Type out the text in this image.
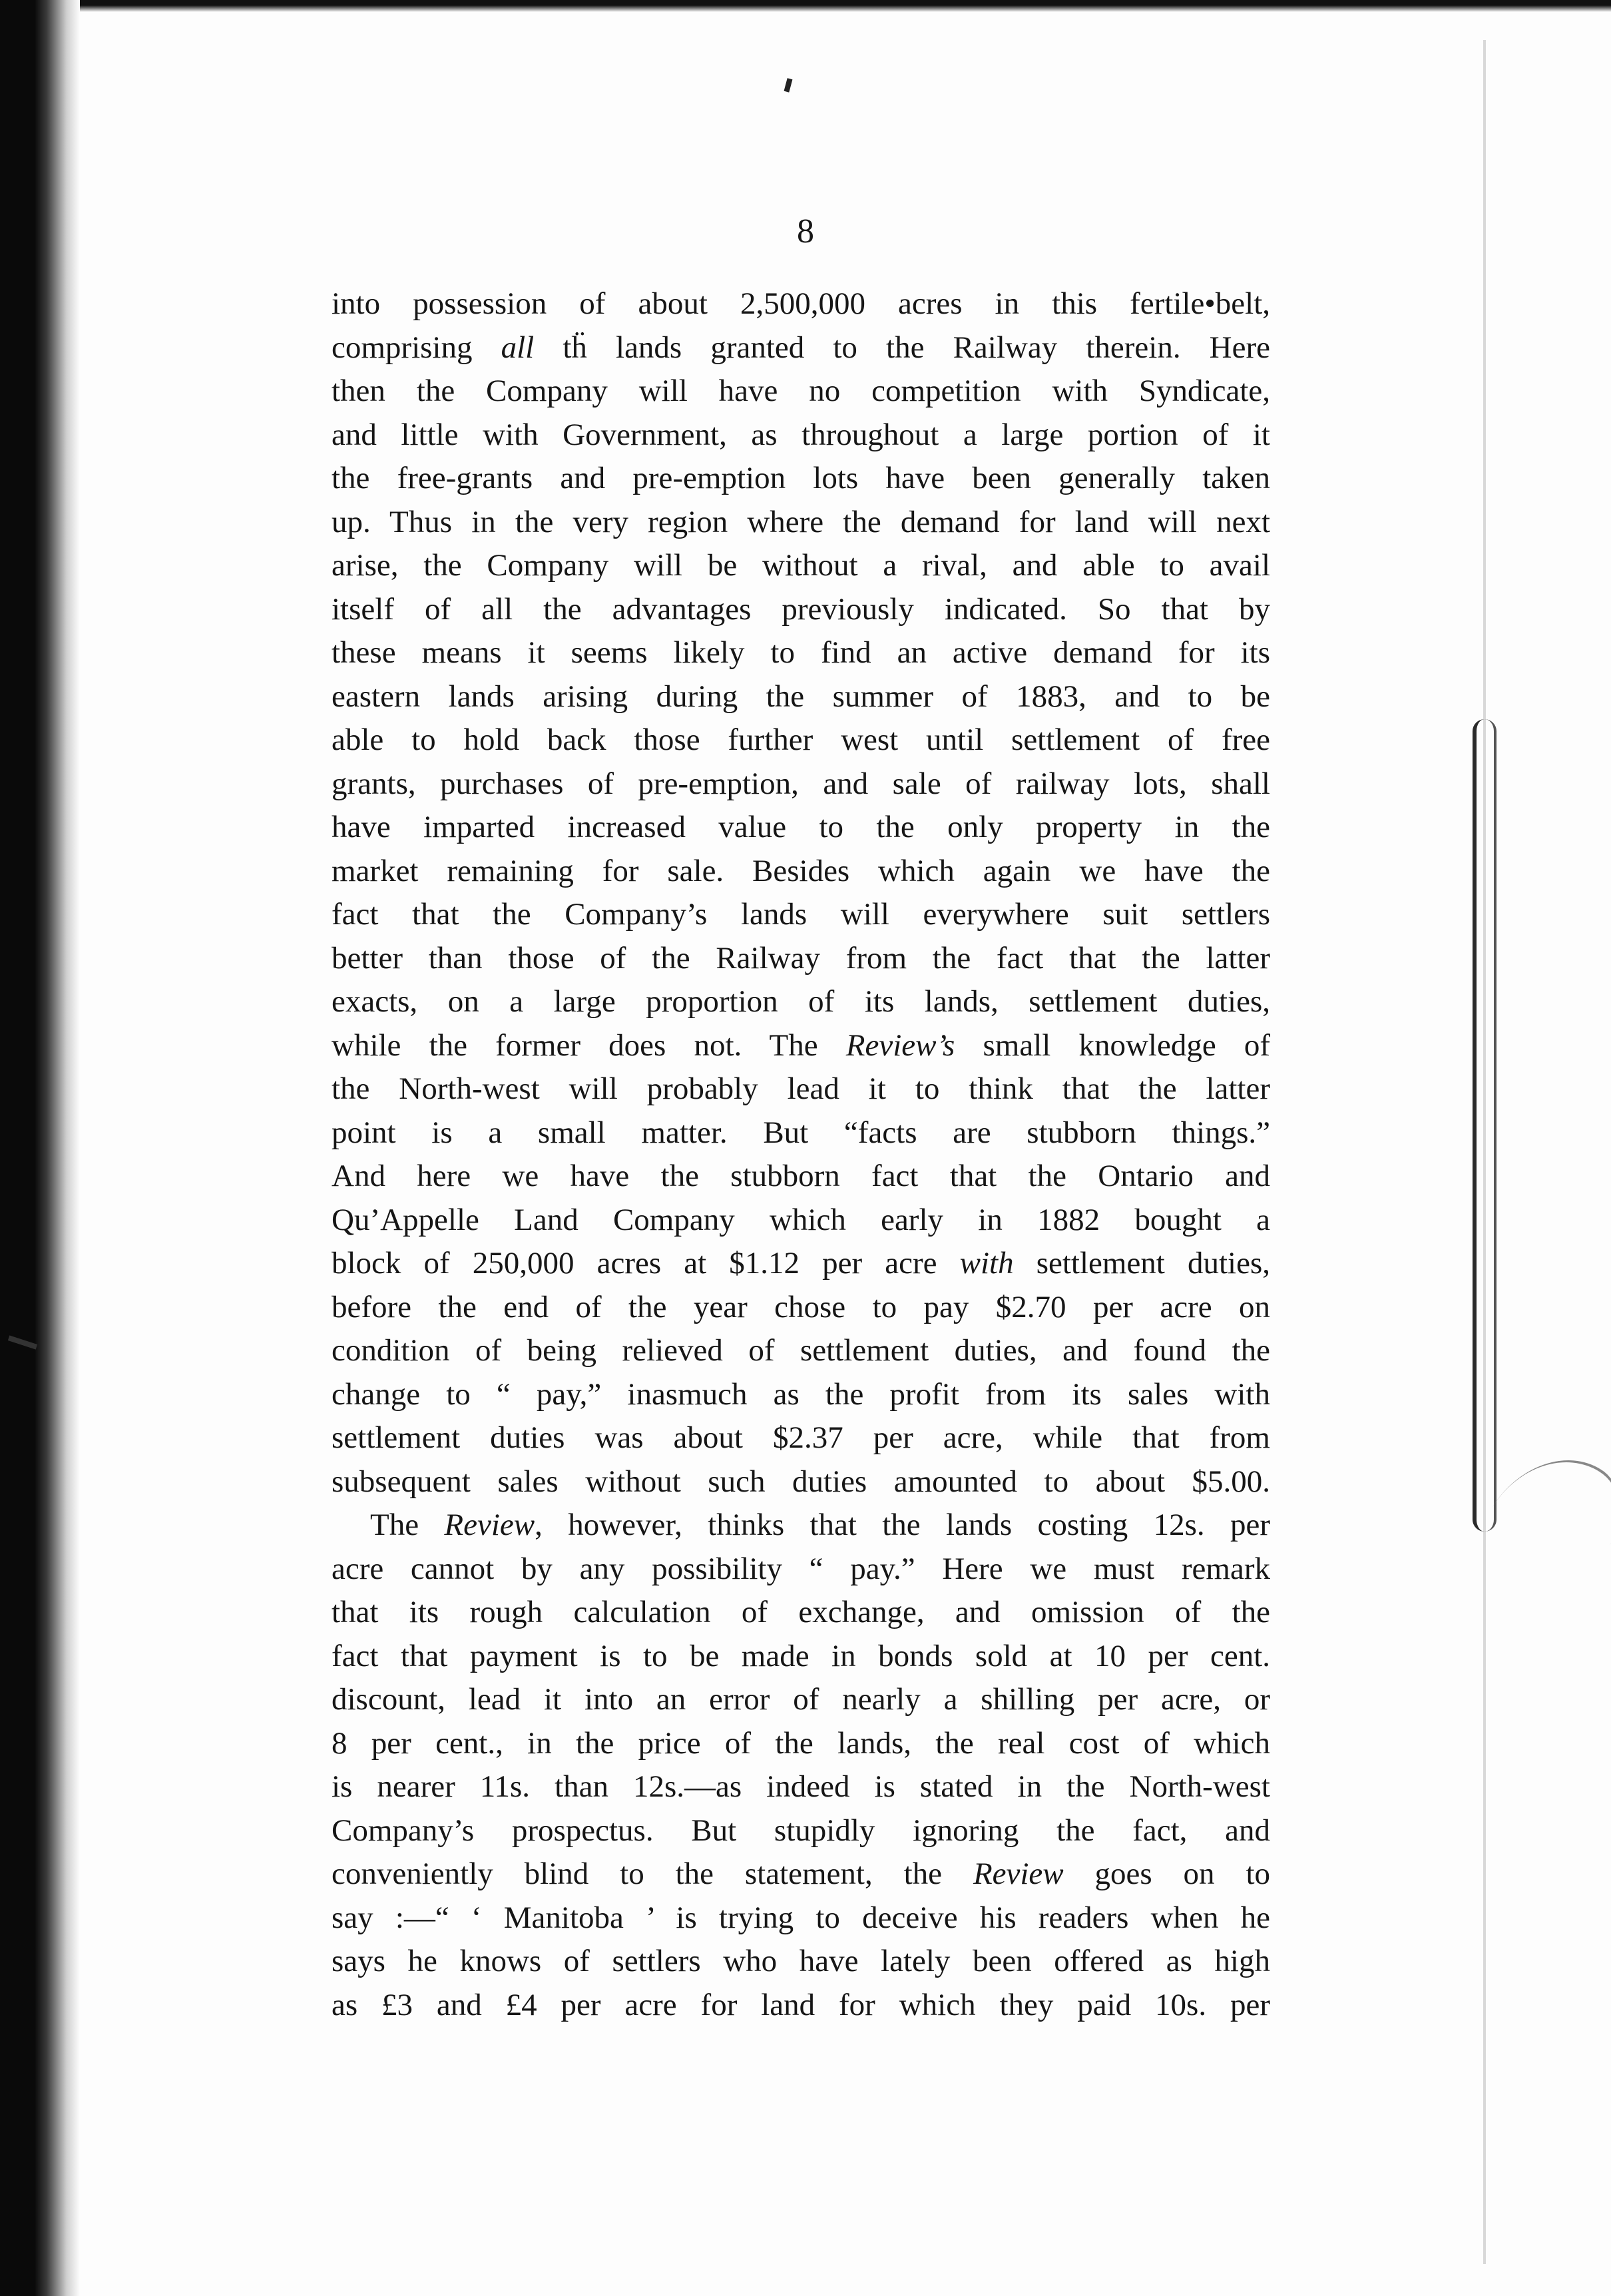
8
into possession of about 2,500,000 acres in this fertile•belt,
comprising all tḧ lands granted to the Railway therein. Here
then the Company will have no competition with Syndicate,
and little with Government, as throughout a large portion of it
the free-grants and pre-emption lots have been generally taken
up. Thus in the very region where the demand for land will next
arise, the Company will be without a rival, and able to avail
itself of all the advantages previously indicated. So that by
these means it seems likely to find an active demand for its
eastern lands arising during the summer of 1883, and to be
able to hold back those further west until settlement of free
grants, purchases of pre-emption, and sale of railway lots, shall
have imparted increased value to the only property in the
market remaining for sale. Besides which again we have the
fact that the Company’s lands will everywhere suit settlers
better than those of the Railway from the fact that the latter
exacts, on a large proportion of its lands, settlement duties,
while the former does not. The Review’s small knowledge of
the North-west will probably lead it to think that the latter
point is a small matter. But “facts are stubborn things.”
And here we have the stubborn fact that the Ontario and
Qu’Appelle Land Company which early in 1882 bought a
block of 250,000 acres at $1.12 per acre with settlement duties,
before the end of the year chose to pay $2.70 per acre on
condition of being relieved of settlement duties, and found the
change to “ pay,” inasmuch as the profit from its sales with
settlement duties was about $2.37 per acre, while that from
subsequent sales without such duties amounted to about $5.00.
The Review, however, thinks that the lands costing 12s. per
acre cannot by any possibility “ pay.” Here we must remark
that its rough calculation of exchange, and omission of the
fact that payment is to be made in bonds sold at 10 per cent.
discount, lead it into an error of nearly a shilling per acre, or
8 per cent., in the price of the lands, the real cost of which
is nearer 11s. than 12s.—as indeed is stated in the North-west
Company’s prospectus. But stupidly ignoring the fact, and
conveniently blind to the statement, the Review goes on to
say :—“ ‘ Manitoba ’ is trying to deceive his readers when he
says he knows of settlers who have lately been offered as high
as £3 and £4 per acre for land for which they paid 10s. per
